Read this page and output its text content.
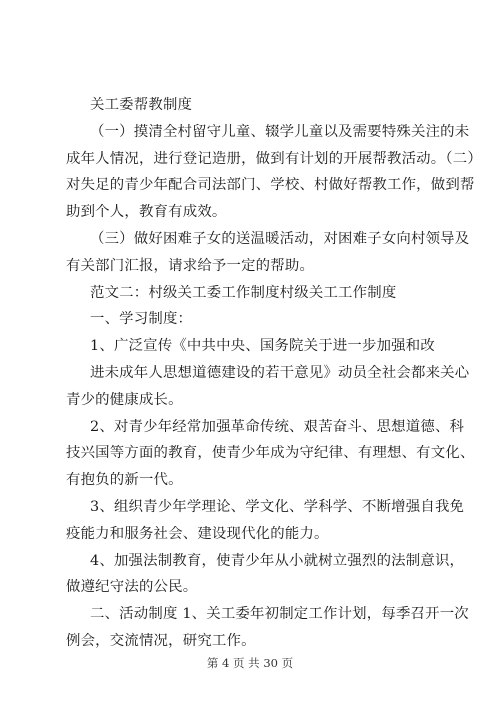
关工委帮教制度
（一）摸清全村留守儿童、辍学儿童以及需要特殊关注的未
成年人情况，进行登记造册，做到有计划的开展帮教活动。（二）
对失足的青少年配合司法部门、学校、村做好帮教工作，做到帮
助到个人，教育有成效。
（三）做好困难子女的送温暖活动，对困难子女向村领导及
有关部门汇报，请求给予一定的帮助。
范文二：村级关工委工作制度村级关工工作制度
一、学习制度：
1、广泛宣传《中共中央、国务院关于进一步加强和改
进未成年人思想道德建设的若干意见》动员全社会都来关心
青少的健康成长。
2、对青少年经常加强革命传统、艰苦奋斗、思想道德、科
技兴国等方面的教育，使青少年成为守纪律、有理想、有文化、
有抱负的新一代。
3、组织青少年学理论、学文化、学科学、不断增强自我免
疫能力和服务社会、建设现代化的能力。
4、加强法制教育，使青少年从小就树立强烈的法制意识，
做遵纪守法的公民。
二、活动制度 1、关工委年初制定工作计划，每季召开一次
例会，交流情况，研究工作。
第 4 页 共 30 页
